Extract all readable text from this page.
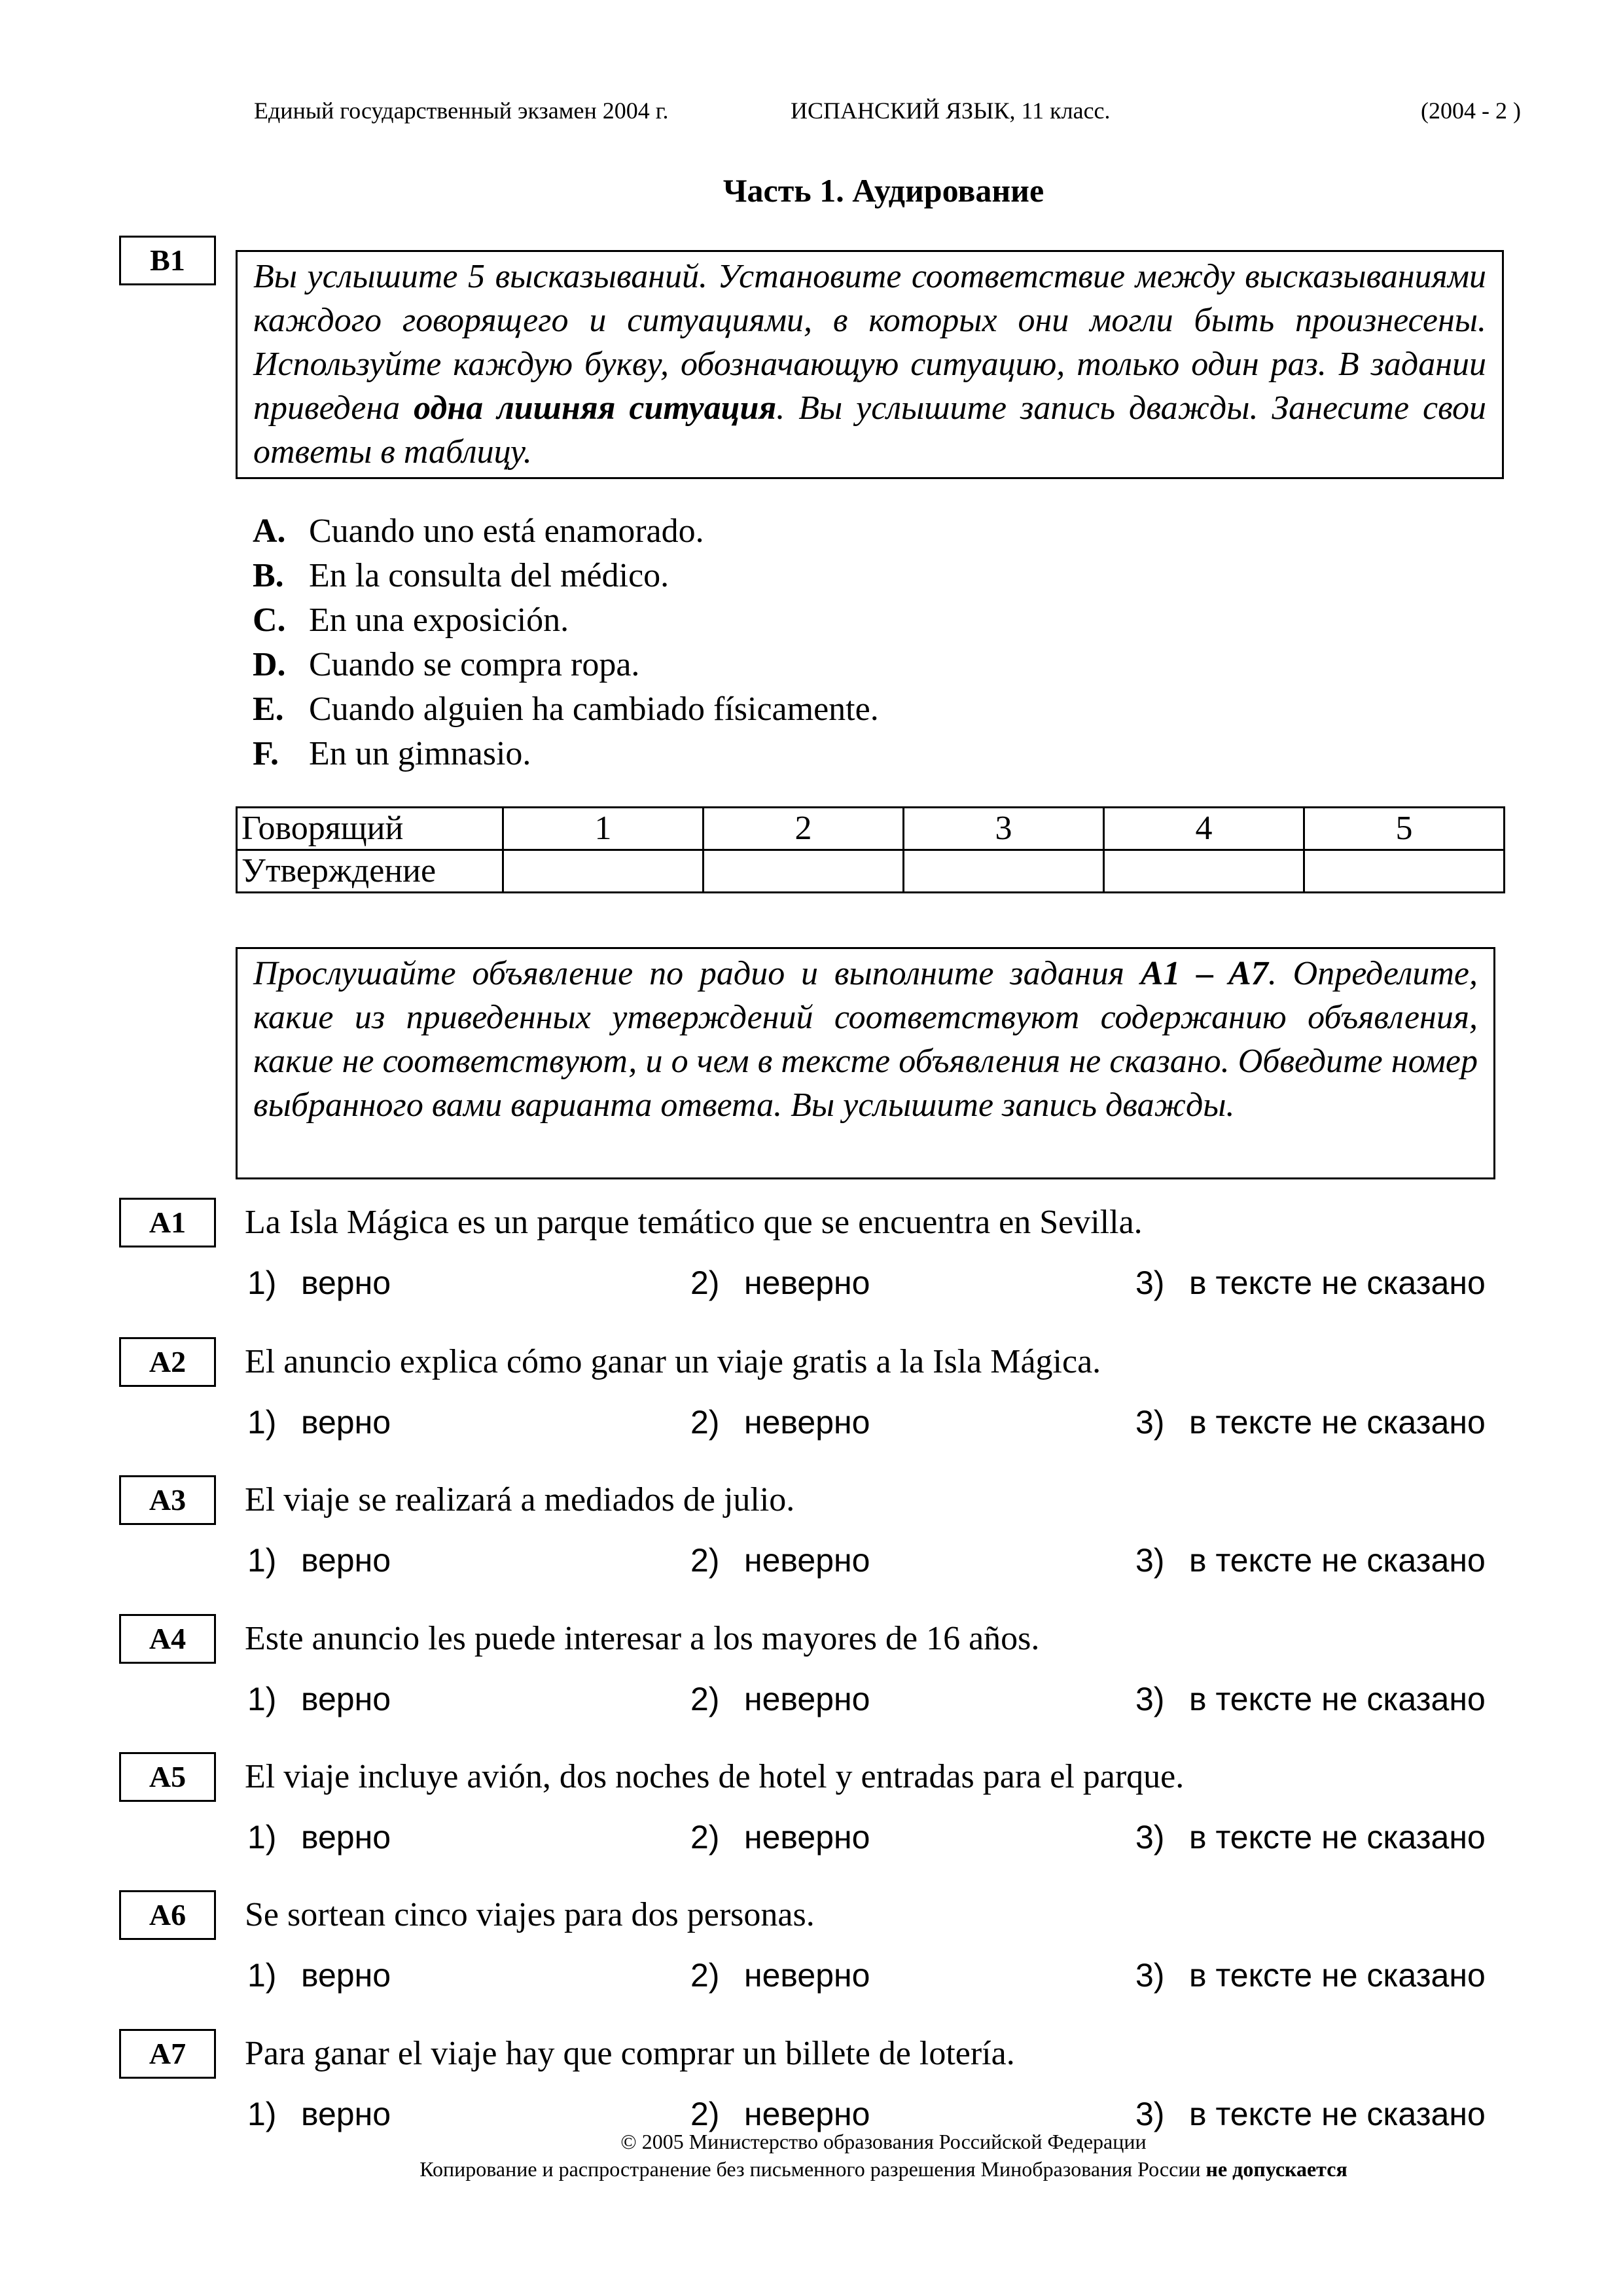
Единый государственный экзамен 2004 г.	ИСПАНСКИЙ ЯЗЫК, 11 класс.	(2004 - 2 )
Часть 1. Аудирование
B1	Вы услышите 5 высказываний. Установите соответствие между высказываниями каждого говорящего и ситуациями, в которых они могли быть произнесены. Используйте каждую букву, обозначающую ситуацию, только один раз. В задании приведена одна лишняя ситуация. Вы услышите запись дважды. Занесите свои ответы в таблицу.
A. Cuando uno está enamorado.
B. En la consulta del médico.
C. En una exposición.
D. Cuando se compra ropa.
E. Cuando alguien ha cambiado físicamente.
F. En un gimnasio.
Говорящий	1	2	3	4	5
Утверждение					
Прослушайте объявление по радио и выполните задания A1 – A7. Определите, какие из приведенных утверждений соответствуют содержанию объявления, какие не соответствуют, и о чем в тексте объявления не сказано. Обведите номер выбранного вами варианта ответа. Вы услышите запись дважды.
A1	La Isla Mágica es un parque temático que se encuentra en Sevilla.
1) верно	2) неверно	3) в тексте не сказано
A2	El anuncio explica cómo ganar un viaje gratis a la Isla Mágica.
1) верно	2) неверно	3) в тексте не сказано
A3	El viaje se realizará a mediados de julio.
1) верно	2) неверно	3) в тексте не сказано
A4	Este anuncio les puede interesar a los mayores de 16 años.
1) верно	2) неверно	3) в тексте не сказано
A5	El viaje incluye avión, dos noches de hotel y entradas para el parque.
1) верно	2) неверно	3) в тексте не сказано
A6	Se sortean cinco viajes para dos personas.
1) верно	2) неверно	3) в тексте не сказано
A7	Para ganar el viaje hay que comprar un billete de lotería.
1) верно	2) неверно	3) в тексте не сказано
© 2005 Министерство образования Российской Федерации
Копирование и распространение без письменного разрешения Минобразования России не допускается
